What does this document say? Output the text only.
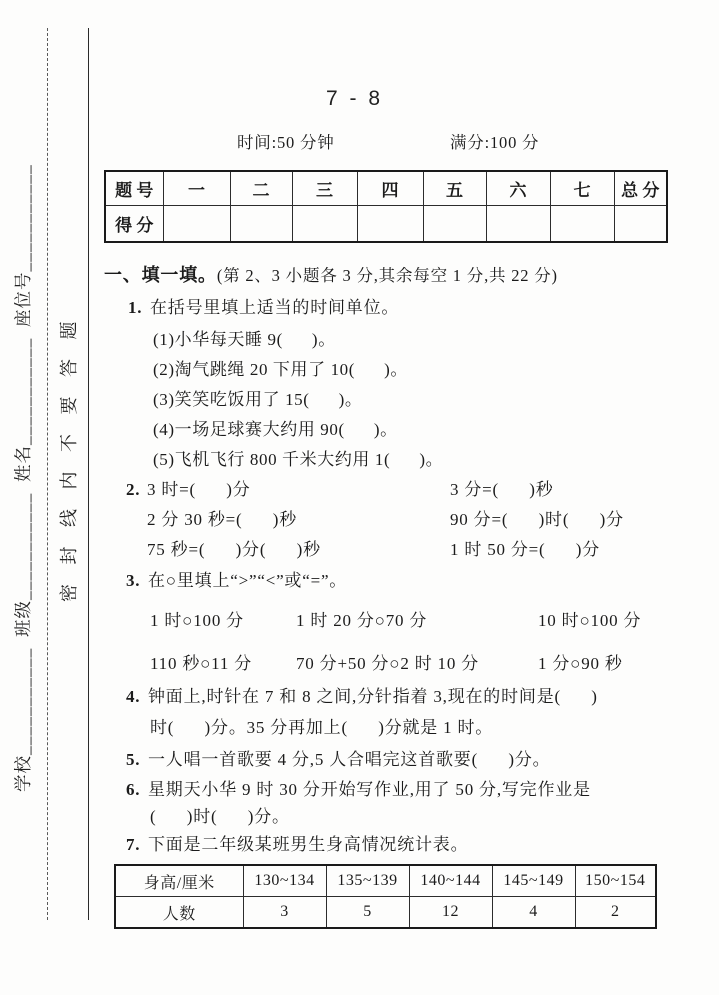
学校___________  班级___________  姓名___________  座位号___________ 密 封 线 内 不 要 答 题
7 - 8
时间:50 分钟	满分:100 分
题 号	一	二	三	四	五	六	七	总 分
得 分								
一、填一填。(第 2、3 小题各 3 分,其余每空 1 分,共 22 分)
1. 在括号里填上适当的时间单位。
(1)小华每天睡 9(      )。
(2)淘气跳绳 20 下用了 10(      )。
(3)笑笑吃饭用了 15(      )。
(4)一场足球赛大约用 90(      )。
(5)飞机飞行 800 千米大约用 1(      )。
2. 3 时=(      )分	3 分=(      )秒
2 分 30 秒=(      )秒	90 分=(      )时(      )分
75 秒=(      )分(      )秒	1 时 50 分=(      )分
3. 在○里填上“>”“<”或“=”。
1 时○100 分	1 时 20 分○70 分	10 时○100 分
110 秒○11 分	70 分+50 分○2 时 10 分	1 分○90 秒
4. 钟面上,时针在 7 和 8 之间,分针指着 3,现在的时间是(      )
时(      )分。35 分再加上(      )分就是 1 时。
5. 一人唱一首歌要 4 分,5 人合唱完这首歌要(      )分。
6. 星期天小华 9 时 30 分开始写作业,用了 50 分,写完作业是
(      )时(      )分。
7. 下面是二年级某班男生身高情况统计表。
身高/厘米	130~134	135~139	140~144	145~149	150~154
人数	3	5	12	4	2
